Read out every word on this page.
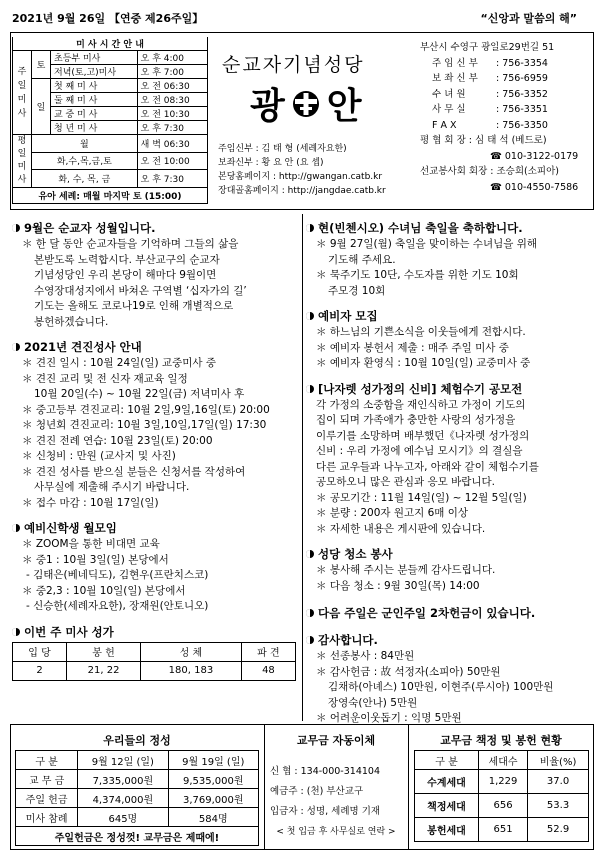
2021년 9월 26일 【연중 제26주일】	“신앙과 말씀의 해”
미 사 시 간 안 내			
주일미사	토	초등부 미사	오 후 4:00
		저녁(토,고)미사	오 후 7:00
	일	첫 째 미 사	오 전 06:30
		둘 째 미 사	오 전 08:30
		교 중 미 사	오 전 10:30
		청 년 미 사	오 후 7:30
평일미사	월		새 벽 06:30
	화,수,목,금,토		오 전 10:00
	화, 수, 목, 금		오 후 7:30
유아 세례: 매월 마지막 토 (15:00)			
순교자기념성당
광 안
주임신부 : 김 태 형 (세례자요한)
보좌신부 : 황 요 안 (요 셉)
본당홈페이지 : http://gwangan.catb.kr
장대골홈페이지 : http://jangdae.catb.kr
부산시 수영구 광일로29번길 51
주 임 신 부 : 756-3354
보 좌 신 부 : 756-6959
수 녀 원	: 756-3352
사 무 실	: 756-3351
F A X	: 756-3350
평 협 회 장 : 심 태 석 (베드로)
☎ 010-3122-0179
선교봉사회 회장 : 조승희(소피아)
☎ 010-4550-7586
9월은 순교자 성월입니다.
＊ 한 달 동안 순교자들을 기억하며 그들의 삶을
본받도록 노력합시다. 부산교구의 순교자
기념성당인 우리 본당이 해마다 9월이면
수영장대성지에서 바쳐온 구역별 ‘십자가의 길’
기도는 올해도 코로나19로 인해 개별적으로
봉헌하겠습니다.
2021년 견진성사 안내
＊ 견진 일시 : 10월 24일(일) 교중미사 중
＊ 견진 교리 및 전 신자 재교육 일정
10월 20일(수) ~ 10월 22일(금) 저녁미사 후
＊ 중고등부 견진교리: 10월 2일,9일,16일(토) 20:00
＊ 청년회 견진교리: 10월 3일,10일,17일(일) 17:30
＊ 견진 전례 연습: 10월 23일(토) 20:00
＊ 신청비 : 만원 (교사지 및 사진)
＊ 견진 성사를 받으실 분들은 신청서를 작성하여
사무실에 제출해 주시기 바랍니다.
＊ 접수 마감 : 10월 17일(일)
예비신학생 월모임
＊ ZOOM을 통한 비대면 교육
＊ 중1 : 10월 3일(일) 본당에서
- 김태은(베네딕도), 김현우(프란치스코)
＊ 중2,3 : 10월 10일(일) 본당에서
- 신승한(세례자요한), 장재원(안토니오)
이번 주 미사 성가
입 당	봉 헌	성 체	파 견
2	21, 22	180, 183	48
현(빈첸시오) 수녀님 축일을 축하합니다.
＊ 9월 27일(월) 축일을 맞이하는 수녀님을 위해
기도해 주세요.
＊ 묵주기도 10단, 수도자를 위한 기도 10회
주모경 10회
예비자 모집
＊ 하느님의 기쁜소식을 이웃들에게 전합시다.
＊ 예비자 봉헌서 제출 : 매주 주일 미사 중
＊ 예비자 환영식 : 10월 10일(일) 교중미사 중
[나자렛 성가정의 신비] 체험수기 공모전
각 가정의 소중함을 재인식하고 가정이 기도의
집이 되며 가족애가 충만한 사랑의 성가정을
이루기를 소망하며 배부했던《나자렛 성가정의
신비 : 우리 가정에 예수님 모시기》의 결실을
다른 교우들과 나누고자, 아래와 같이 체험수기를
공모하오니 많은 관심과 응모 바랍니다.
＊ 공모기간 : 11월 14일(일) ~ 12월 5일(일)
＊ 분량 : 200자 원고지 6매 이상
＊ 자세한 내용은 게시판에 있습니다.
성당 청소 봉사
＊ 봉사해 주시는 분들께 감사드립니다.
＊ 다음 청소 : 9월 30일(목) 14:00
다음 주일은 군인주일 2차헌금이 있습니다.
감사합니다.
＊ 선종봉사 : 84만원
＊ 감사헌금 : 故 석정자(소피아) 50만원
김채하(아녜스) 10만원, 이현주(루시아) 100만원
장영숙(안나) 5만원
＊ 어려운이웃돕기 : 익명 5만원
우리들의 정성
구 분	9월 12일 (일)	9월 19일 (일)
교 무 금	7,335,000원	9,535,000원
주일 헌금	4,374,000원	3,769,000원
미사 참례	645명	584명
주일헌금은 정성껏! 교무금은 제때에!		
교무금 자동이체
신 협 : 134-000-314104
예금주 : (천) 부산교구
입금자 : 성명, 세례명 기재
< 첫 입금 후 사무실로 연락 >
교무금 책정 및 봉헌 현황
구 분	세대수	비율(%)
수계세대	1,229	37.0
책정세대	656	53.3
봉헌세대	651	52.9
